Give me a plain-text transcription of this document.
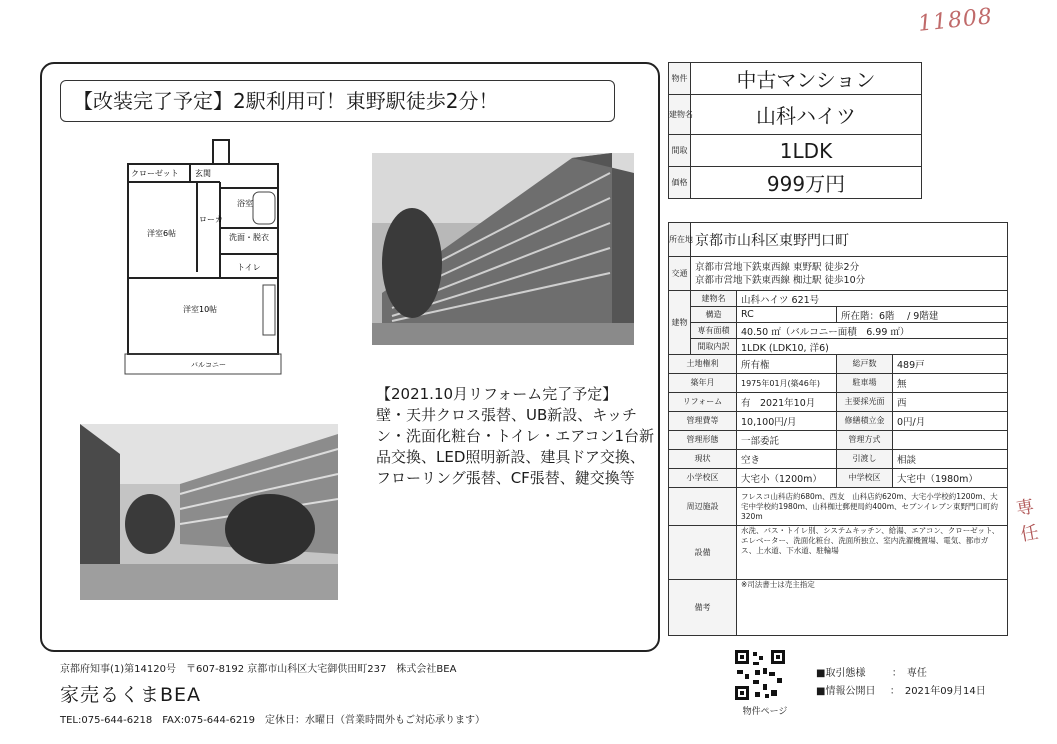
11808
専任
【改装完了予定】2駅利用可！東野駅徒歩2分！
クローゼット 玄関
浴室
洋室6帖
ローカ
洗面・脱衣
トイレ
洋室10帖
バルコニー
【2021.10月リフォーム完了予定】
壁・天井クロス張替、UB新設、キッチン・洗面化粧台・トイレ・エアコン1台新品交換、LED照明新設、建具ドア交換、フローリング張替、CF張替、鍵交換等
物件	中古マンション
建物名	山科ハイツ
間取	1LDK
価格	999万円
所在地	京都市山科区東野門口町			
交通	京都市営地下鉄東西線 東野駅 徒歩2分
京都市営地下鉄東西線 椥辻駅 徒歩10分			

建物	建物名	山科ハイツ 621号		
	構造	RC	所在階：6階　 / 9階建	
	専有面積	40.50 ㎡（バルコニー面積　6.99 ㎡）		
	間取内訳	1LDK (LDK10, 洋6)		
土地権利		所有権	総戸数	489戸
築年月		1975年01月(築46年)	駐車場	無
リフォーム		有　2021年10月	主要採光面	西
管理費等		10,100円/月	修繕積立金	0円/月
管理形態		一部委託	管理方式	
現状		空き	引渡し	相談
小学校区		大宅小（1200m）	中学校区	大宅中（1980m）
周辺施設		フレスコ山科店約680m、西友　山科店約620m、大宅小学校約1200m、大宅中学校約1980m、山科椥辻郵便局約400m、セブンイレブン東野門口町約320m		
設備		水洗、バス・トイレ別、システムキッチン、給湯、エアコン、クローゼット、エレベーター、洗面化粧台、洗面所独立、室内洗濯機置場、電気、都市ガス、上水道、下水道、駐輪場		
備考		※司法書士は売主指定		
京都府知事(1)第14120号　〒607-8192 京都市山科区大宅御供田町237　株式会社BEA
家売るくまBEA
TEL:075-644-6218　FAX:075-644-6219　定休日：水曜日（営業時間外もご対応承ります）
物件ページ
■取引態様	：　専任
■情報公開日 ：　2021年09月14日
